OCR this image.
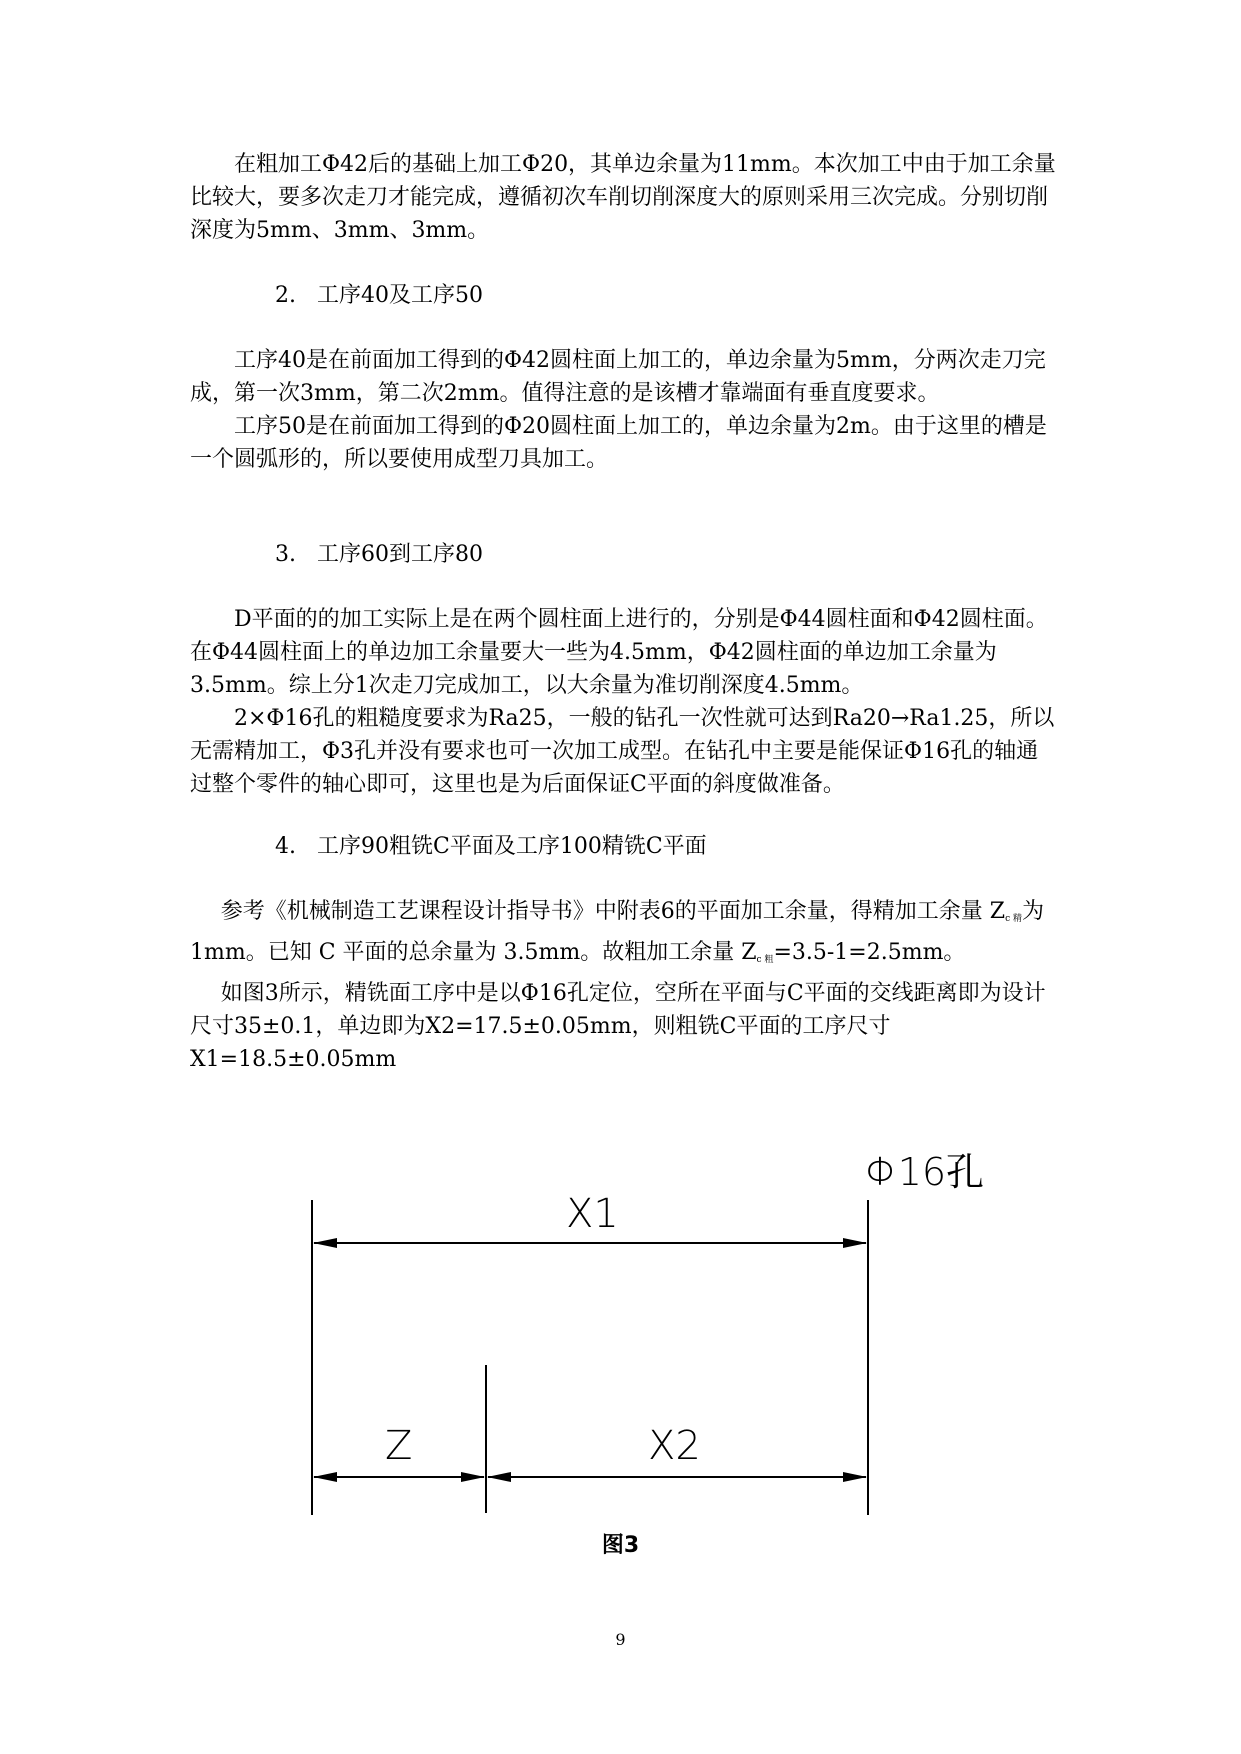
在粗加工Φ42后的基础上加工Φ20，其单边余量为11mm。本次加工中由于加工余量比较大，要多次走刀才能完成，遵循初次车削切削深度大的原则采用三次完成。分别切削深度为5mm、3mm、3mm。

2. 工序40及工序50

工序40是在前面加工得到的Φ42圆柱面上加工的，单边余量为5mm，分两次走刀完成，第一次3mm，第二次2mm。值得注意的是该槽才靠端面有垂直度要求。

工序50是在前面加工得到的Φ20圆柱面上加工的，单边余量为2m。由于这里的槽是一个圆弧形的，所以要使用成型刀具加工。

3. 工序60到工序80

D平面的的加工实际上是在两个圆柱面上进行的，分别是Φ44圆柱面和Φ42圆柱面。在Φ44圆柱面上的单边加工余量要大一些为4.5mm，Φ42圆柱面的单边加工余量为3.5mm。综上分1次走刀完成加工，以大余量为准切削深度4.5mm。

2×Φ16孔的粗糙度要求为Ra25，一般的钻孔一次性就可达到Ra20→Ra1.25，所以无需精加工，Φ3孔并没有要求也可一次加工成型。在钻孔中主要是能保证Φ16孔的轴通过整个零件的轴心即可，这里也是为后面保证C平面的斜度做准备。

4. 工序90粗铣C平面及工序100精铣C平面

参考《机械制造工艺课程设计指导书》中附表6的平面加工余量，得精加工余量 Zc 精为 1mm。已知 C 平面的总余量为 3.5mm。故粗加工余量 Zc 粗=3.5-1=2.5mm。

如图3所示，精铣面工序中是以Φ16孔定位，空所在平面与C平面的交线距离即为设计尺寸35±0.1，单边即为X2=17.5±0.05mm，则粗铣C平面的工序尺寸X1=18.5±0.05mm

Φ16孔
X1
Z	X2
图3
9
